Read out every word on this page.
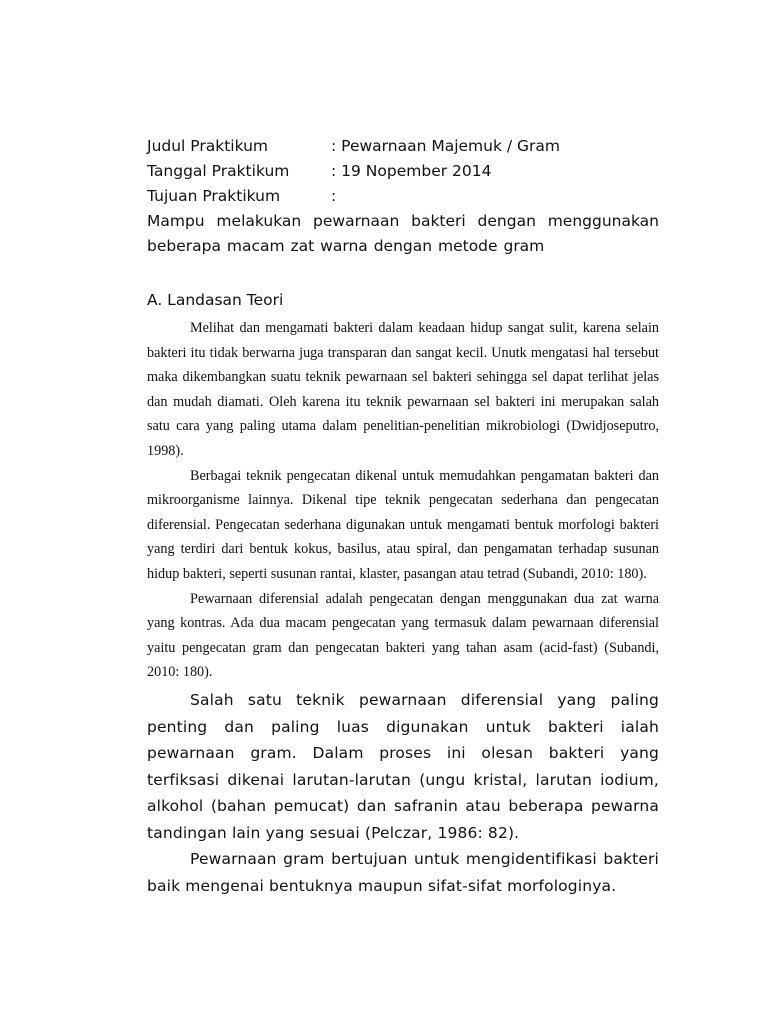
Judul Praktikum	: Pewarnaan Majemuk / Gram
Tanggal Praktikum	: 19 Nopember 2014
Tujuan Praktikum	:

Mampu melakukan pewarnaan bakteri dengan menggunakan beberapa macam zat warna dengan metode gram

A. Landasan Teori

Melihat dan mengamati bakteri dalam keadaan hidup sangat sulit, karena selain bakteri itu tidak berwarna juga transparan dan sangat kecil. Unutk mengatasi hal tersebut maka dikembangkan suatu teknik pewarnaan sel bakteri sehingga sel dapat terlihat jelas dan mudah diamati. Oleh karena itu teknik pewarnaan sel bakteri ini merupakan salah satu cara yang paling utama dalam penelitian-penelitian mikrobiologi (Dwidjoseputro, 1998).

Berbagai teknik pengecatan dikenal untuk memudahkan pengamatan bakteri dan mikroorganisme lainnya. Dikenal tipe teknik pengecatan sederhana dan pengecatan diferensial. Pengecatan sederhana digunakan untuk mengamati bentuk morfologi bakteri yang terdiri dari bentuk kokus, basilus, atau spiral, dan pengamatan terhadap susunan hidup bakteri, seperti susunan rantai, klaster, pasangan atau tetrad (Subandi, 2010: 180).

Pewarnaan diferensial adalah pengecatan dengan menggunakan dua zat warna yang kontras. Ada dua macam pengecatan yang termasuk dalam pewarnaan diferensial yaitu pengecatan gram dan pengecatan bakteri yang tahan asam (acid-fast) (Subandi, 2010: 180).

Salah satu teknik pewarnaan diferensial yang paling penting dan paling luas digunakan untuk bakteri ialah pewarnaan gram. Dalam proses ini olesan bakteri yang terfiksasi dikenai larutan-larutan (ungu kristal, larutan iodium, alkohol (bahan pemucat) dan safranin atau beberapa pewarna tandingan lain yang sesuai (Pelczar, 1986: 82).

Pewarnaan gram bertujuan untuk mengidentifikasi bakteri baik mengenai bentuknya maupun sifat-sifat morfologinya.
